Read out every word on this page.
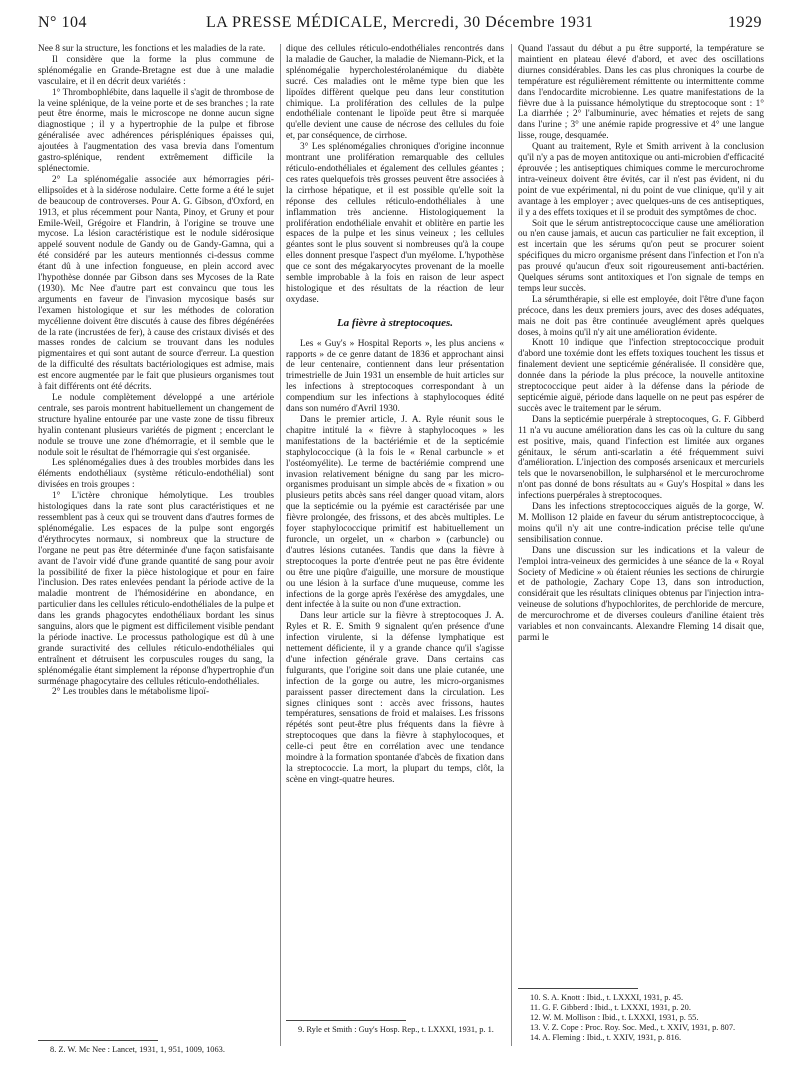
N° 104	LA PRESSE MÉDICALE, Mercredi, 30 Décembre 1931	1929

Nee 8 sur la structure, les fonctions et les maladies de la rate.

Il considère que la forme la plus commune de splénomégalie en Grande-Bretagne est due à une maladie vasculaire, et il en décrit deux variétés :

1° Thrombophlébite, dans laquelle il s'agit de thrombose de la veine splénique, de la veine porte et de ses branches ; la rate peut être énorme, mais le microscope ne donne aucun signe diagnostique ; il y a hypertrophie de la pulpe et fibrose généralisée avec adhérences périspléniques épaisses qui, ajoutées à l'augmentation des vasa brevia dans l'omentum gastro-splénique, rendent extrêmement difficile la splénectomie.

2° La splénomégalie associée aux hémorragies péri-ellipsoïdes et à la sidérose nodulaire. Cette forme a été le sujet de beaucoup de controverses. Pour A. G. Gibson, d'Oxford, en 1913, et plus récemment pour Nanta, Pinoy, et Gruny et pour Emile-Weil, Grégoire et Flandrin, à l'origine se trouve une mycose. La lésion caractéristique est le nodule sidérosique appelé souvent nodule de Gandy ou de Gandy-Gamna, qui a été considéré par les auteurs mentionnés ci-dessus comme étant dû à une infection fongueuse, en plein accord avec l'hypothèse donnée par Gibson dans ses Mycoses de la Rate (1930). Mc Nee d'autre part est convaincu que tous les arguments en faveur de l'invasion mycosique basés sur l'examen histologique et sur les méthodes de coloration mycélienne doivent être discutés à cause des fibres dégénérées de la rate (incrustées de fer), à cause des cristaux divisés et des masses rondes de calcium se trouvant dans les nodules pigmentaires et qui sont autant de source d'erreur. La question de la difficulté des résultats bactériologiques est admise, mais est encore augmentée par le fait que plusieurs organismes tout à fait différents ont été décrits.

Le nodule complètement développé a une artériole centrale, ses parois montrent habituellement un changement de structure hyaline entourée par une vaste zone de tissu fibreux hyalin contenant plusieurs variétés de pigment ; encerclant le nodule se trouve une zone d'hémorragie, et il semble que le nodule soit le résultat de l'hémorragie qui s'est organisée.

Les splénomégalies dues à des troubles morbides dans les éléments endothéliaux (système réticulo-endothélial) sont divisées en trois groupes :

1° L'ictère chronique hémolytique. Les troubles histologiques dans la rate sont plus caractéristiques et ne ressemblent pas à ceux qui se trouvent dans d'autres formes de splénomégalie. Les espaces de la pulpe sont engorgés d'érythrocytes normaux, si nombreux que la structure de l'organe ne peut pas être déterminée d'une façon satisfaisante avant de l'avoir vidé d'une grande quantité de sang pour avoir la possibilité de fixer la pièce histologique et pour en faire l'inclusion. Des rates enlevées pendant la période active de la maladie montrent de l'hémosidérine en abondance, en particulier dans les cellules réticulo-endothéliales de la pulpe et dans les grands phagocytes endothéliaux bordant les sinus sanguins, alors que le pigment est difficilement visible pendant la période inactive. Le processus pathologique est dû à une grande suractivité des cellules réticulo-endothéliales qui entraînent et détruisent les corpuscules rouges du sang, la splénomégalie étant simplement la réponse d'hypertrophie d'un surménage phagocytaire des cellules réticulo-endothéliales.

2° Les troubles dans le métabolisme lipoï-

dique des cellules réticulo-endothéliales rencontrés dans la maladie de Gaucher, la maladie de Niemann-Pick, et la splénomégalie hypercholestérolanémique du diabète sucré. Ces maladies ont le même type bien que les lipoïdes diffèrent quelque peu dans leur constitution chimique. La prolifération des cellules de la pulpe endothéliale contenant le lipoïde peut être si marquée qu'elle devient une cause de nécrose des cellules du foie et, par conséquence, de cirrhose.

3° Les splénomégalies chroniques d'origine inconnue montrant une prolifération remarquable des cellules réticulo-endothéliales et également des cellules géantes ; ces rates quelquefois très grosses peuvent être associées à la cirrhose hépatique, et il est possible qu'elle soit la réponse des cellules réticulo-endothéliales à une inflammation très ancienne. Histologiquement la prolifération endothéliale envahit et oblitère en partie les espaces de la pulpe et les sinus veineux ; les cellules géantes sont le plus souvent si nombreuses qu'à la coupe elles donnent presque l'aspect d'un myélome. L'hypothèse que ce sont des mégakaryocytes provenant de la moelle semble improbable à la fois en raison de leur aspect histologique et des résultats de la réaction de leur oxydase.

La fièvre à streptocoques.

Les « Guy's » Hospital Reports », les plus anciens « rapports » de ce genre datant de 1836 et approchant ainsi de leur centenaire, contiennent dans leur présentation trimestrielle de Juin 1931 un ensemble de huit articles sur les infections à streptocoques correspondant à un compendium sur les infections à staphylocoques édité dans son numéro d'Avril 1930.

Dans le premier article, J. A. Ryle réunit sous le chapitre intitulé la « fièvre à staphylocoques » les manifestations de la bactériémie et de la septicémie staphylococcique (à la fois le « Renal carbuncle » et l'ostéomyélite). Le terme de bactériémie comprend une invasion relativement bénigne du sang par les micro-organismes produisant un simple abcès de « fixation » ou plusieurs petits abcès sans réel danger quoad vitam, alors que la septicémie ou la pyémie est caractérisée par une fièvre prolongée, des frissons, et des abcès multiples. Le foyer staphylococcique primitif est habituellement un furoncle, un orgelet, un « charbon » (carbuncle) ou d'autres lésions cutanées. Tandis que dans la fièvre à streptocoques la porte d'entrée peut ne pas être évidente ou être une piqûre d'aiguille, une morsure de moustique ou une lésion à la surface d'une muqueuse, comme les infections de la gorge après l'exérèse des amygdales, une dent infectée à la suite ou non d'une extraction.

Dans leur article sur la fièvre à streptocoques J. A. Ryles et R. E. Smith 9 signalent qu'en présence d'une infection virulente, si la défense lymphatique est nettement déficiente, il y a grande chance qu'il s'agisse d'une infection générale grave. Dans certains cas fulgurants, que l'origine soit dans une plaie cutanée, une infection de la gorge ou autre, les micro-organismes paraissent passer directement dans la circulation. Les signes cliniques sont : accès avec frissons, hautes températures, sensations de froid et malaises. Les frissons répétés sont peut-être plus fréquents dans la fièvre à streptocoques que dans la fièvre à staphylocoques, et celle-ci peut être en corrélation avec une tendance moindre à la formation spontanée d'abcès de fixation dans la streptococcie. La mort, la plupart du temps, clôt, la scène en vingt-quatre heures.

Quand l'assaut du début a pu être supporté, la température se maintient en plateau élevé d'abord, et avec des oscillations diurnes considérables. Dans les cas plus chroniques la courbe de température est régulièrement rémittente ou intermittente comme dans l'endocardite microbienne. Les quatre manifestations de la fièvre due à la puissance hémolytique du streptocoque sont : 1° La diarrhée ; 2° l'albuminurie, avec hématies et rejets de sang dans l'urine ; 3° une anémie rapide progressive et 4° une langue lisse, rouge, desquamée.

Quant au traitement, Ryle et Smith arrivent à la conclusion qu'il n'y a pas de moyen antitoxique ou anti-microbien d'efficacité éprouvée ; les antiseptiques chimiques comme le mercurochrome intra-veineux doivent être évités, car il n'est pas évident, ni du point de vue expérimental, ni du point de vue clinique, qu'il y ait avantage à les employer ; avec quelques-uns de ces antiseptiques, il y a des effets toxiques et il se produit des symptômes de choc.

Soit que le sérum antistreptococcique cause une amélioration ou n'en cause jamais, et aucun cas particulier ne fait exception, il est incertain que les sérums qu'on peut se procurer soient spécifiques du micro organisme présent dans l'infection et l'on n'a pas prouvé qu'aucun d'eux soit rigoureusement anti-bactérien. Quelques sérums sont antitoxiques et l'on signale de temps en temps leur succès.

La sérumthérapie, si elle est employée, doit l'être d'une façon précoce, dans les deux premiers jours, avec des doses adéquates, mais ne doit pas être continuée aveuglément après quelques doses, à moins qu'il n'y ait une amélioration évidente.

Knott 10 indique que l'infection streptococcique produit d'abord une toxémie dont les effets toxiques touchent les tissus et finalement devient une septicémie généralisée. Il considère que, donnée dans la période la plus précoce, la nouvelle antitoxine streptococcique peut aider à la défense dans la période de septicémie aiguë, période dans laquelle on ne peut pas espérer de succès avec le traitement par le sérum.

Dans la septicémie puerpérale à streptocoques, G. F. Gibberd 11 n'a vu aucune amélioration dans les cas où la culture du sang est positive, mais, quand l'infection est limitée aux organes génitaux, le sérum anti-scarlatin a été fréquemment suivi d'amélioration. L'injection des composés arsenicaux et mercuriels tels que le novarsenobillon, le sulpharsénol et le mercurochrome n'ont pas donné de bons résultats au « Guy's Hospital » dans les infections puerpérales à streptocoques.

Dans les infections streptococciques aiguës de la gorge, W. M. Mollison 12 plaide en faveur du sérum antistreptococcique, à moins qu'il n'y ait une contre-indication précise telle qu'une sensibilisation connue.

Dans une discussion sur les indications et la valeur de l'emploi intra-veineux des germicides à une séance de la « Royal Society of Medicine » où étaient réunies les sections de chirurgie et de pathologie, Zachary Cope 13, dans son introduction, considérait que les résultats cliniques obtenus par l'injection intra-veineuse de solutions d'hypochlorites, de perchloride de mercure, de mercurochrome et de diverses couleurs d'aniline étaient très variables et non convaincants. Alexandre Fleming 14 disait que, parmi le

8. Z. W. Mc Nee : Lancet, 1931, 1, 951, 1009, 1063.

9. Ryle et Smith : Guy's Hosp. Rep., t. LXXXI, 1931, p. 1.

10. S. A. Knott : Ibid., t. LXXXI, 1931, p. 45.

11. G. F. Gibberd : Ibid., t. LXXXI, 1931, p. 20.

12. W. M. Mollison : Ibid., t. LXXXI, 1931, p. 55.

13. V. Z. Cope : Proc. Roy. Soc. Med., t. XXIV, 1931, p. 807.

14. A. Fleming : Ibid., t. XXIV, 1931, p. 816.
